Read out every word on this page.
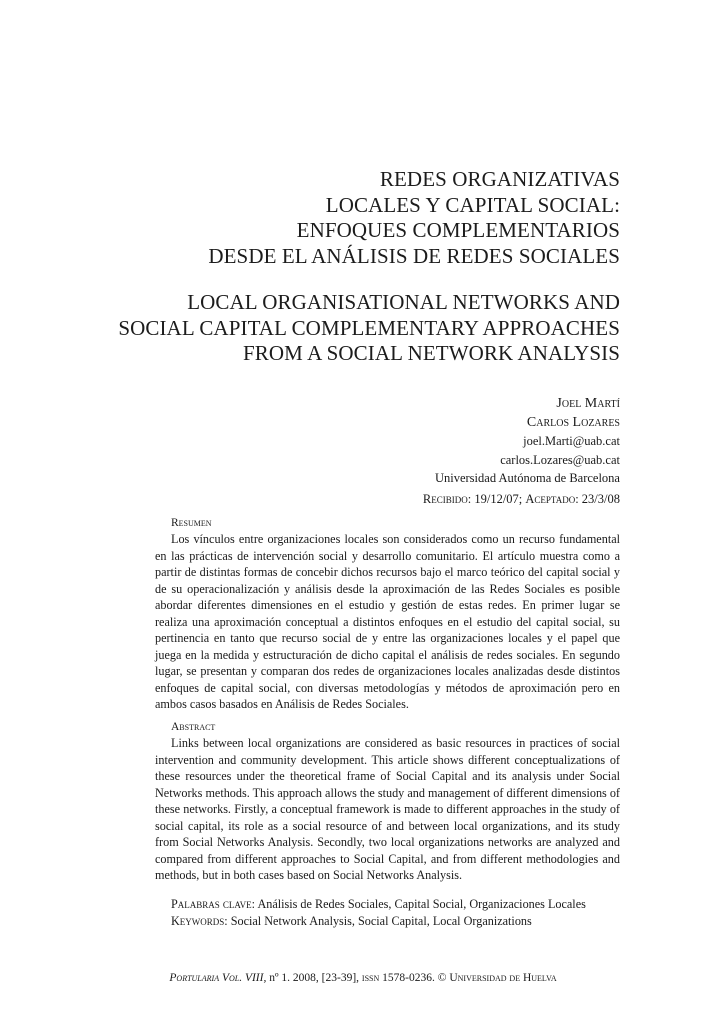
REDES ORGANIZATIVAS
LOCALES Y CAPITAL SOCIAL:
ENFOQUES COMPLEMENTARIOS
DESDE EL ANÁLISIS DE REDES SOCIALES
LOCAL ORGANISATIONAL NETWORKS AND
SOCIAL CAPITAL COMPLEMENTARY APPROACHES
FROM A SOCIAL NETWORK ANALYSIS
Joel Martí
Carlos Lozares
joel.Marti@uab.cat
carlos.Lozares@uab.cat
Universidad Autónoma de Barcelona
Recibido: 19/12/07; Aceptado: 23/3/08
Resumen

Los vínculos entre organizaciones locales son considerados como un recurso fundamental en las prácticas de intervención social y desarrollo comunitario. El artículo muestra como a partir de distintas formas de concebir dichos recursos bajo el marco teórico del capital social y de su operacionalización y análisis desde la aproximación de las Redes Sociales es posible abordar diferentes dimensiones en el estudio y gestión de estas redes. En primer lugar se realiza una aproximación conceptual a distintos enfoques en el estudio del capital social, su pertinencia en tanto que recurso social de y entre las organizaciones locales y el papel que juega en la medida y estructuración de dicho capital el análisis de redes sociales. En segundo lugar, se presentan y comparan dos redes de organizaciones locales analizadas desde distintos enfoques de capital social, con diversas metodologías y métodos de aproximación pero en ambos casos basados en Análisis de Redes Sociales.

Abstract

Links between local organizations are considered as basic resources in practices of social intervention and community development. This article shows different conceptualizations of these resources under the theoretical frame of Social Capital and its analysis under Social Networks methods. This approach allows the study and management of different dimensions of these networks. Firstly, a conceptual framework is made to different approaches in the study of social capital, its role as a social resource of and between local organizations, and its study from Social Networks Analysis. Secondly, two local organizations networks are analyzed and compared from different approaches to Social Capital, and from different methodologies and methods, but in both cases based on Social Networks Analysis.

Palabras clave: Análisis de Redes Sociales, Capital Social, Organizaciones Locales
Keywords: Social Network Analysis, Social Capital, Local Organizations
Portularia Vol. VIII, nº 1. 2008, [23-39], issn 1578-0236. © Universidad de Huelva
